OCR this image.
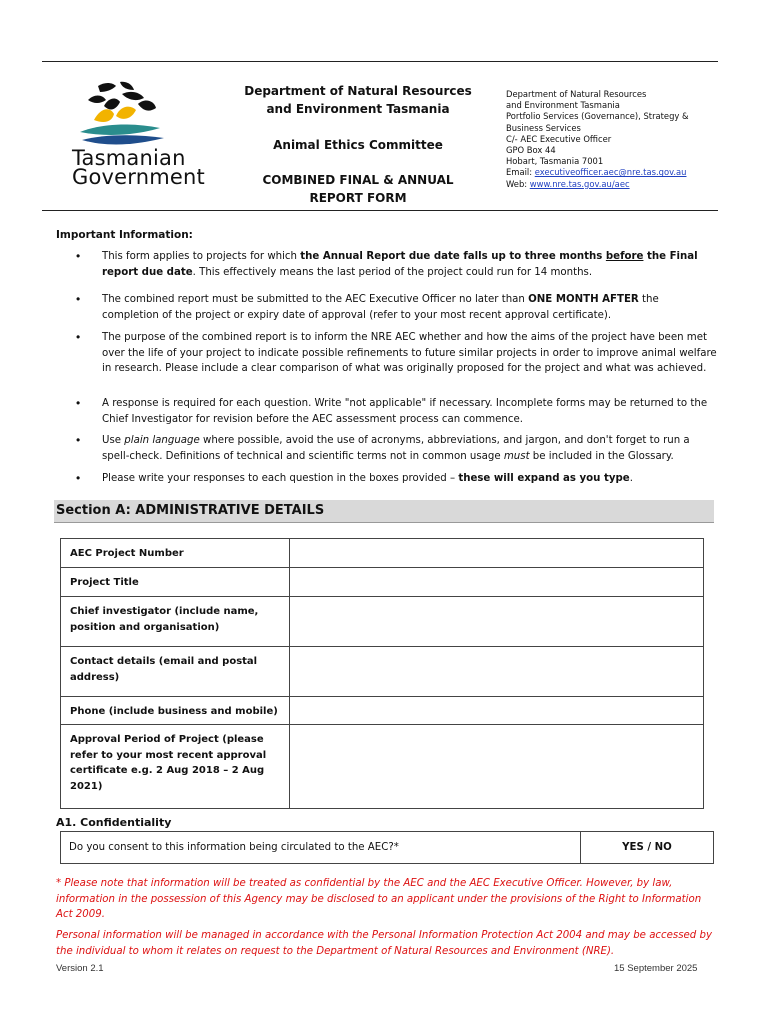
Tasmanian
Government
Department of Natural Resources
and Environment Tasmania
Animal Ethics Committee
COMBINED FINAL & ANNUAL
REPORT FORM
Department of Natural Resources
and Environment Tasmania
Portfolio Services (Governance), Strategy &
Business Services
C/- AEC Executive Officer
GPO Box 44
Hobart, Tasmania 7001
Email: executiveofficer.aec@nre.tas.gov.au
Web: www.nre.tas.gov.au/aec
Important Information:
• This form applies to projects for which the Annual Report due date falls up to three months before the Final report due date. This effectively means the last period of the project could run for 14 months.
• The combined report must be submitted to the AEC Executive Officer no later than ONE MONTH AFTER the completion of the project or expiry date of approval (refer to your most recent approval certificate).
• The purpose of the combined report is to inform the NRE AEC whether and how the aims of the project have been met over the life of your project to indicate possible refinements to future similar projects in order to improve animal welfare in research. Please include a clear comparison of what was originally proposed for the project and what was achieved.
• A response is required for each question. Write "not applicable" if necessary. Incomplete forms may be returned to the Chief Investigator for revision before the AEC assessment process can commence.
• Use plain language where possible, avoid the use of acronyms, abbreviations, and jargon, and don't forget to run a spell-check. Definitions of technical and scientific terms not in common usage must be included in the Glossary.
• Please write your responses to each question in the boxes provided – these will expand as you type.
Section A: ADMINISTRATIVE DETAILS
AEC Project Number	

Project Title	

Chief investigator (include name, position and organisation)	

Contact details (email and postal address)	

Phone (include business and mobile)	

Approval Period of Project (please refer to your most recent approval certificate e.g. 2 Aug 2018 – 2 Aug 2021)	

A1. Confidentiality
Do you consent to this information being circulated to the AEC?*	YES / NO
* Please note that information will be treated as confidential by the AEC and the AEC Executive Officer. However, by law, information in the possession of this Agency may be disclosed to an applicant under the provisions of the Right to Information Act 2009.
Personal information will be managed in accordance with the Personal Information Protection Act 2004 and may be accessed by the individual to whom it relates on request to the Department of Natural Resources and Environment (NRE).
Version 2.1	15 September 2025
